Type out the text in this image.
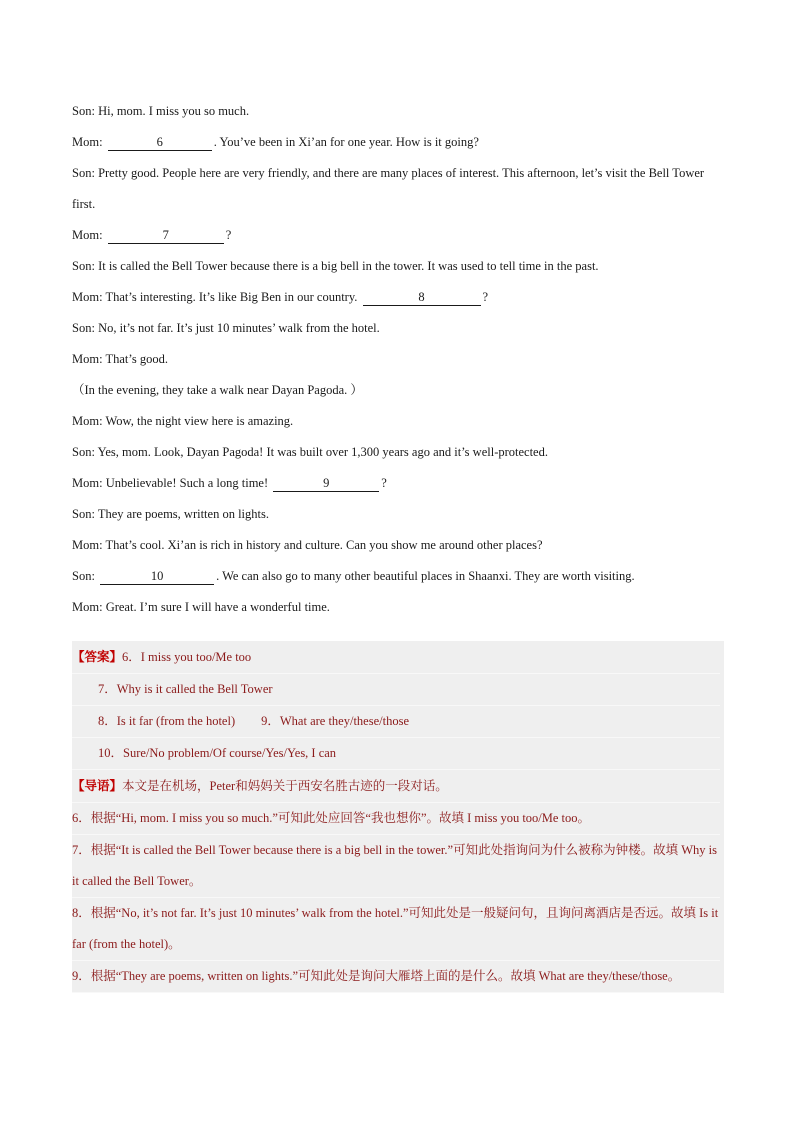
Son: Hi, mom. I miss you so much.
Mom:	6	. You’ve been in Xi’an for one year. How is it going?
Son: Pretty good. People here are very friendly, and there are many places of interest. This afternoon, let’s visit the Bell Tower first.
Mom:	7	?
Son: It is called the Bell Tower because there is a big bell in the tower. It was used to tell time in the past.
Mom: That’s interesting. It’s like Big Ben in our country.	8	?
Son: No, it’s not far. It’s just 10 minutes’ walk from the hotel.
Mom: That’s good.
（In the evening, they take a walk near Dayan Pagoda. ）
Mom: Wow, the night view here is amazing.
Son: Yes, mom. Look, Dayan Pagoda! It was built over 1,300 years ago and it’s well-protected.
Mom: Unbelievable! Such a long time!	9	?
Son: They are poems, written on lights.
Mom: That’s cool. Xi’an is rich in history and culture. Can you show me around other places?
Son:	10	. We can also go to many other beautiful places in Shaanxi. They are worth visiting.
Mom: Great. I’m sure I will have a wonderful time.
【答案】6．I miss you too/Me too
7．Why is it called the Bell Tower
8．Is it far (from the hotel) 9．What are they/these/those
10．Sure/No problem/Of course/Yes/Yes, I can
【导语】本文是在机场，Peter和妈妈关于西安名胜古迹的一段对话。
6．根据“Hi, mom. I miss you so much.”可知此处应回答“我也想你”。故填 I miss you too/Me too。
7．根据“It is called the Bell Tower because there is a big bell in the tower.”可知此处指询问为什么被称为钟楼。故填 Why is it called the Bell Tower。
8．根据“No, it’s not far. It’s just 10 minutes’ walk from the hotel.”可知此处是一般疑问句，且询问离酒店是否远。故填 Is it far (from the hotel)。
9．根据“They are poems, written on lights.”可知此处是询问大雁塔上面的是什么。故填 What are they/these/those。
